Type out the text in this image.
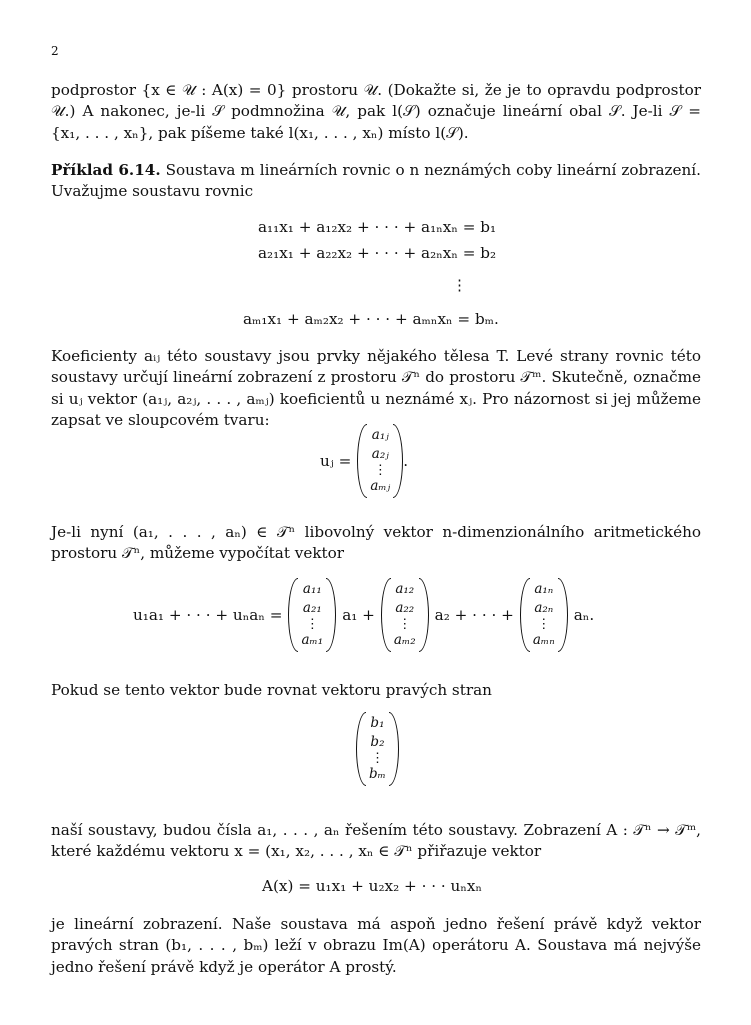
2

podprostor {x ∈ 𝒰 : A(x) = 0} prostoru 𝒰. (Dokažte si, že je to opravdu podprostor 𝒰.) A nakonec, je-li 𝒮 podmnožina 𝒰, pak l(𝒮) označuje lineární obal 𝒮. Je-li 𝒮 = {x₁, . . . , xₙ}, pak píšeme také l(x₁, . . . , xₙ) místo l(𝒮).

Příklad 6.14. Soustava m lineárních rovnic o n neznámých coby lineární zobrazení. Uvažujme soustavu rovnic

a₁₁x₁ + a₁₂x₂ + · · · + a₁ₙxₙ = b₁
a₂₁x₁ + a₂₂x₂ + · · · + a₂ₙxₙ = b₂
⋮
aₘ₁x₁ + aₘ₂x₂ + · · · + aₘₙxₙ = bₘ.

Koeficienty aᵢⱼ této soustavy jsou prvky nějakého tělesa T. Levé strany rovnic této soustavy určují lineární zobrazení z prostoru 𝒯ⁿ do prostoru 𝒯ᵐ. Skutečně, označme si uⱼ vektor (a₁ⱼ, a₂ⱼ, . . . , aₘⱼ) koeficientů u neznámé xⱼ. Pro názornost si jej můžeme zapsat ve sloupcovém tvaru:

uⱼ =
a₁ⱼ
a₂ⱼ
⋮
aₘⱼ
.

Je-li nyní (a₁, . . . , aₙ) ∈ 𝒯ⁿ libovolný vektor n-dimenzionálního aritmetického prostoru 𝒯ⁿ, můžeme vypočítat vektor

u₁a₁ + · · · + uₙaₙ =
a₁₁
a₂₁
⋮
aₘ₁
a₁ +
a₁₂
a₂₂
⋮
aₘ₂
a₂ + · · · +
a₁ₙ
a₂ₙ
⋮
aₘₙ
aₙ.

Pokud se tento vektor bude rovnat vektoru pravých stran

b₁
b₂
⋮
bₘ

naší soustavy, budou čísla a₁, . . . , aₙ řešením této soustavy. Zobrazení A : 𝒯ⁿ → 𝒯ᵐ, které každému vektoru x = (x₁, x₂, . . . , xₙ ∈ 𝒯ⁿ přiřazuje vektor

A(x) = u₁x₁ + u₂x₂ + · · · uₙxₙ

je lineární zobrazení. Naše soustava má aspoň jedno řešení právě když vektor pravých stran (b₁, . . . , bₘ) leží v obrazu Im(A) operátoru A. Soustava má nejvýše jedno řešení právě když je operátor A prostý.
